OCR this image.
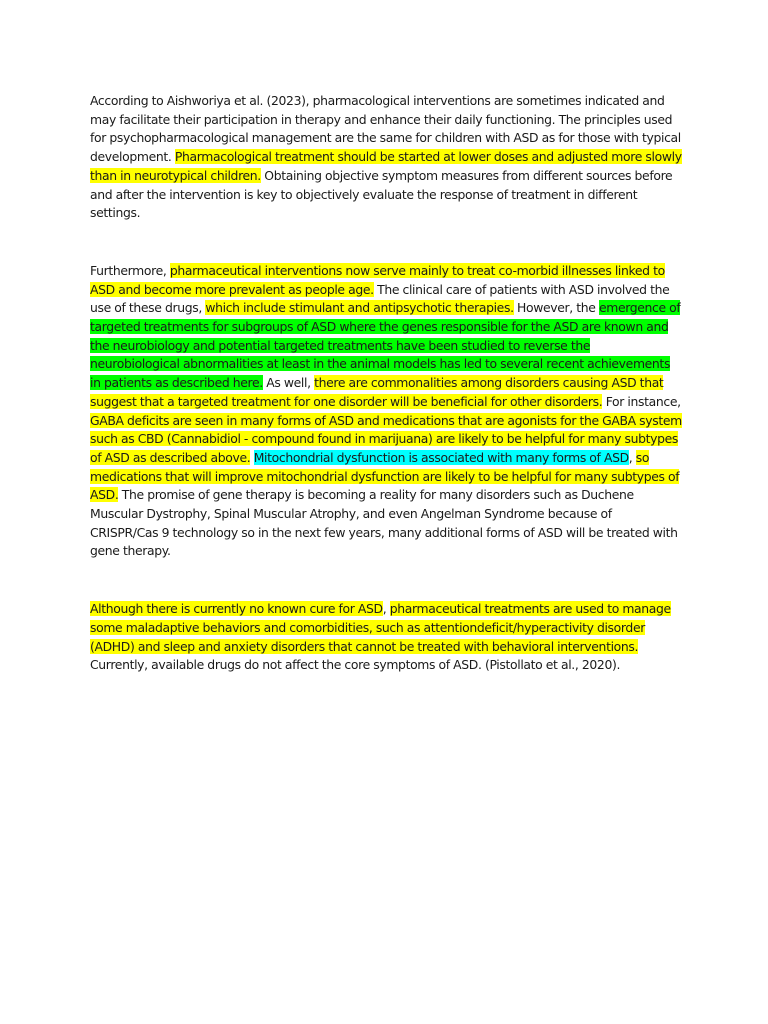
According to Aishworiya et al. (2023), pharmacological interventions are sometimes indicated and may facilitate their participation in therapy and enhance their daily functioning. The principles used for psychopharmacological management are the same for children with ASD as for those with typical development. Pharmacological treatment should be started at lower doses and adjusted more slowly than in neurotypical children. Obtaining objective symptom measures from different sources before and after the intervention is key to objectively evaluate the response of treatment in different settings.

Furthermore, pharmaceutical interventions now serve mainly to treat co-morbid illnesses linked to ASD and become more prevalent as people age. The clinical care of patients with ASD involved the use of these drugs, which include stimulant and antipsychotic therapies. However, the emergence of targeted treatments for subgroups of ASD where the genes responsible for the ASD are known and the neurobiology and potential targeted treatments have been studied to reverse the neurobiological abnormalities at least in the animal models has led to several recent achievements in patients as described here. As well, there are commonalities among disorders causing ASD that suggest that a targeted treatment for one disorder will be beneficial for other disorders. For instance, GABA deficits are seen in many forms of ASD and medications that are agonists for the GABA system such as CBD (Cannabidiol - compound found in marijuana) are likely to be helpful for many subtypes of ASD as described above. Mitochondrial dysfunction is associated with many forms of ASD, so medications that will improve mitochondrial dysfunction are likely to be helpful for many subtypes of ASD. The promise of gene therapy is becoming a reality for many disorders such as Duchene Muscular Dystrophy, Spinal Muscular Atrophy, and even Angelman Syndrome because of CRISPR/Cas 9 technology so in the next few years, many additional forms of ASD will be treated with gene therapy.

Although there is currently no known cure for ASD, pharmaceutical treatments are used to manage some maladaptive behaviors and comorbidities, such as attentiondeficit/hyperactivity disorder (ADHD) and sleep and anxiety disorders that cannot be treated with behavioral interventions. Currently, available drugs do not affect the core symptoms of ASD. (Pistollato et al., 2020).
